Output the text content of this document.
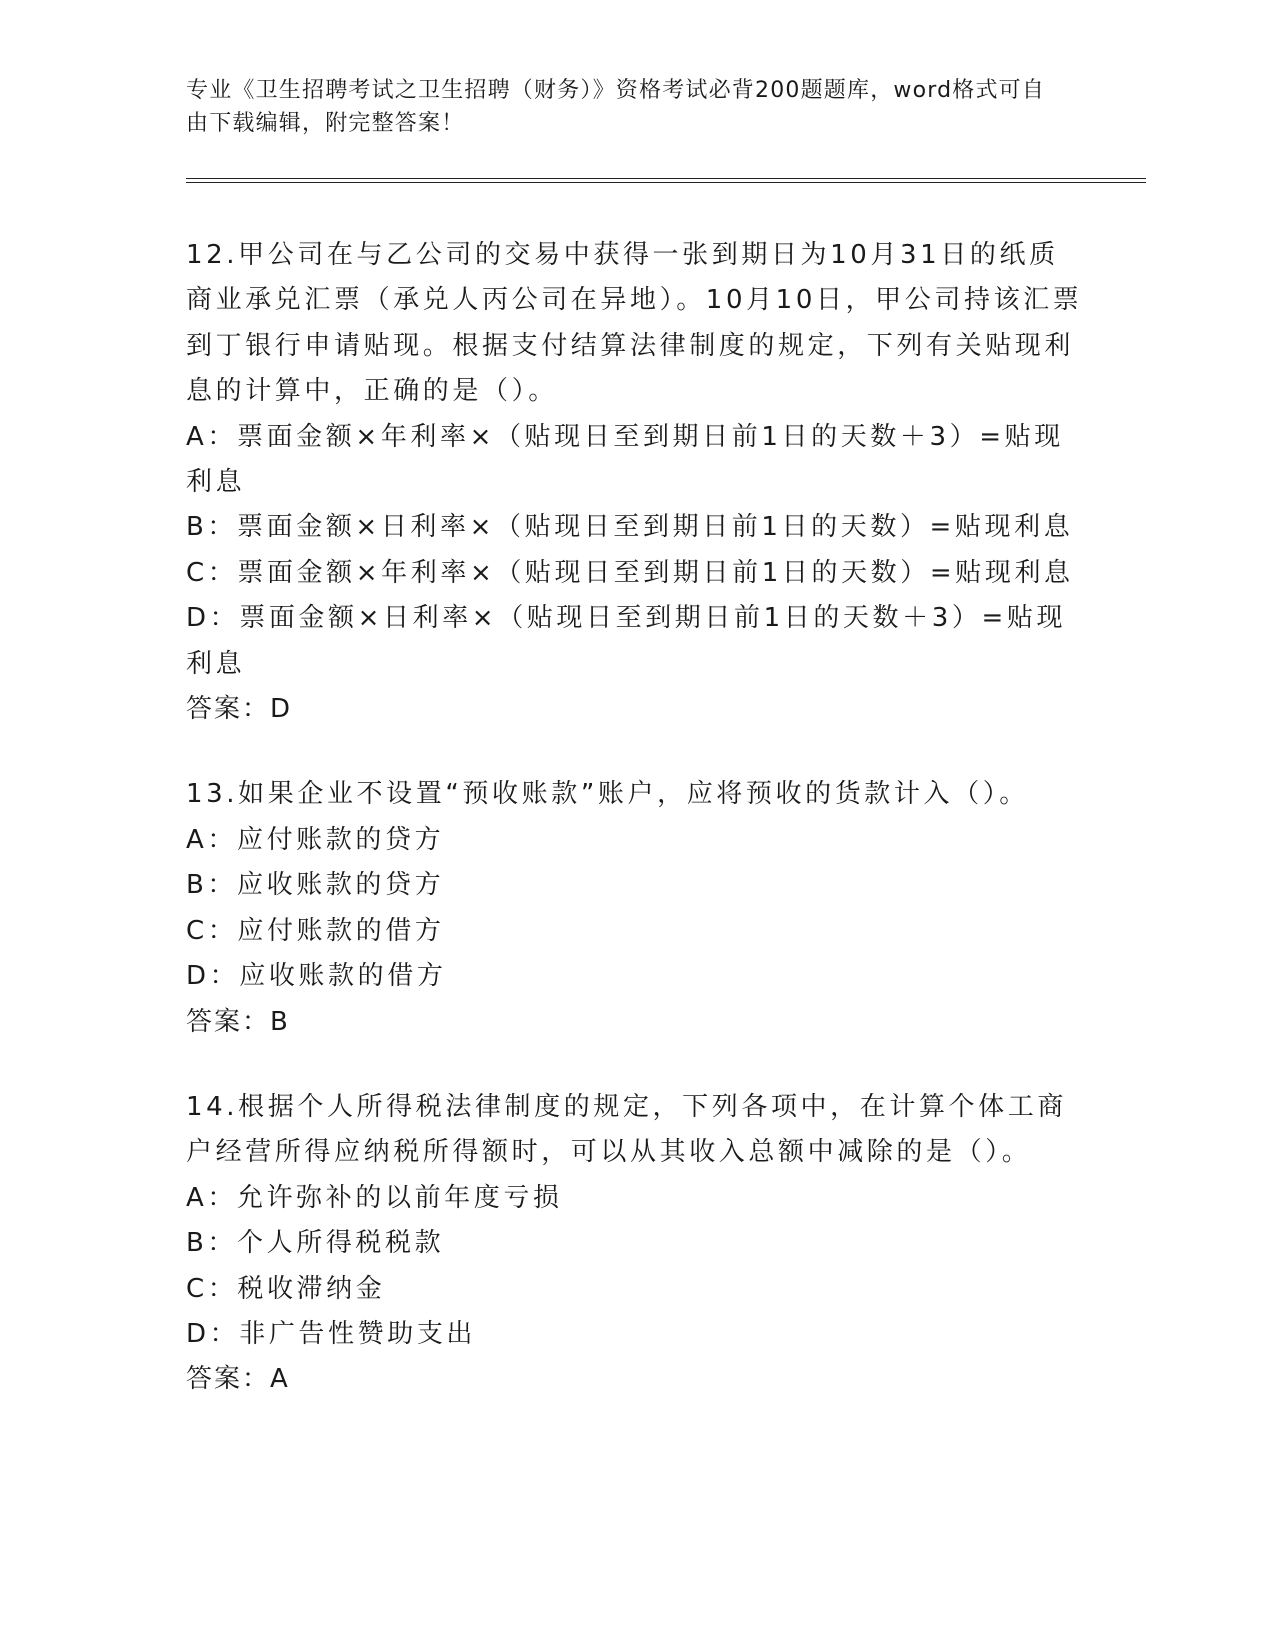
专业《卫生招聘考试之卫生招聘（财务）》资格考试必背200题题库，word格式可自由下载编辑，附完整答案！

12.甲公司在与乙公司的交易中获得一张到期日为10月31日的纸质商业承兑汇票（承兑人丙公司在异地）。10月10日，甲公司持该汇票到丁银行申请贴现。根据支付结算法律制度的规定，下列有关贴现利息的计算中，正确的是（）。

A：票面金额×年利率×（贴现日至到期日前1日的天数＋3）=贴现利息

B：票面金额×日利率×（贴现日至到期日前1日的天数）=贴现利息

C：票面金额×年利率×（贴现日至到期日前1日的天数）=贴现利息

D：票面金额×日利率×（贴现日至到期日前1日的天数＋3）=贴现利息

答案：D

13.如果企业不设置“预收账款”账户，应将预收的货款计入（）。

A：应付账款的贷方

B：应收账款的贷方

C：应付账款的借方

D：应收账款的借方

答案：B

14.根据个人所得税法律制度的规定，下列各项中，在计算个体工商户经营所得应纳税所得额时，可以从其收入总额中减除的是（）。

A：允许弥补的以前年度亏损

B：个人所得税税款

C：税收滞纳金

D：非广告性赞助支出

答案：A
